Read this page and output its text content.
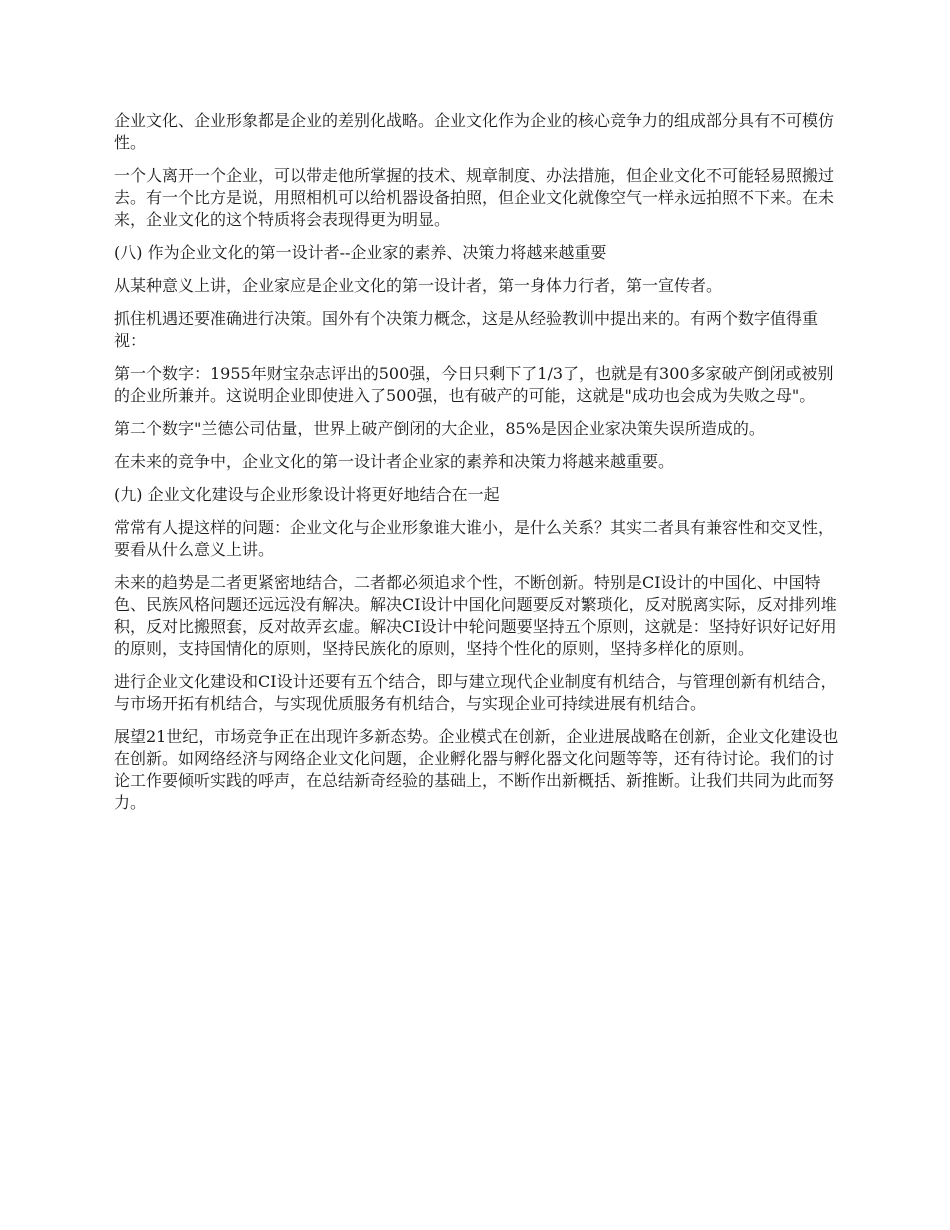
企业文化、企业形象都是企业的差别化战略。企业文化作为企业的核心竞争力的组成部分具有不可模仿性。

一个人离开一个企业，可以带走他所掌握的技术、规章制度、办法措施，但企业文化不可能轻易照搬过去。有一个比方是说，用照相机可以给机器设备拍照，但企业文化就像空气一样永远拍照不下来。在未来，企业文化的这个特质将会表现得更为明显。

(八) 作为企业文化的第一设计者--企业家的素养、决策力将越来越重要

从某种意义上讲，企业家应是企业文化的第一设计者，第一身体力行者，第一宣传者。

抓住机遇还要准确进行决策。国外有个决策力概念，这是从经验教训中提出来的。有两个数字值得重视：

第一个数字：1955年财宝杂志评出的500强，今日只剩下了1/3了，也就是有300多家破产倒闭或被别的企业所兼并。这说明企业即使进入了500强，也有破产的可能，这就是"成功也会成为失败之母"。

第二个数字"兰德公司估量，世界上破产倒闭的大企业，85%是因企业家决策失误所造成的。

在未来的竞争中，企业文化的第一设计者企业家的素养和决策力将越来越重要。

(九) 企业文化建设与企业形象设计将更好地结合在一起

常常有人提这样的问题：企业文化与企业形象谁大谁小，是什么关系？其实二者具有兼容性和交叉性，要看从什么意义上讲。

未来的趋势是二者更紧密地结合，二者都必须追求个性，不断创新。特别是CI设计的中国化、中国特色、民族风格问题还远远没有解决。解决CI设计中国化问题要反对繁琐化，反对脱离实际，反对排列堆积，反对比搬照套，反对故弄玄虚。解决CI设计中轮问题要坚持五个原则，这就是：坚持好识好记好用的原则，支持国情化的原则，坚持民族化的原则，坚持个性化的原则，坚持多样化的原则。

进行企业文化建设和CI设计还要有五个结合，即与建立现代企业制度有机结合，与管理创新有机结合，与市场开拓有机结合，与实现优质服务有机结合，与实现企业可持续进展有机结合。

展望21世纪，市场竞争正在出现许多新态势。企业模式在创新，企业进展战略在创新，企业文化建设也在创新。如网络经济与网络企业文化问题，企业孵化器与孵化器文化问题等等，还有待讨论。我们的讨论工作要倾听实践的呼声，在总结新奇经验的基础上，不断作出新概括、新推断。让我们共同为此而努力。
